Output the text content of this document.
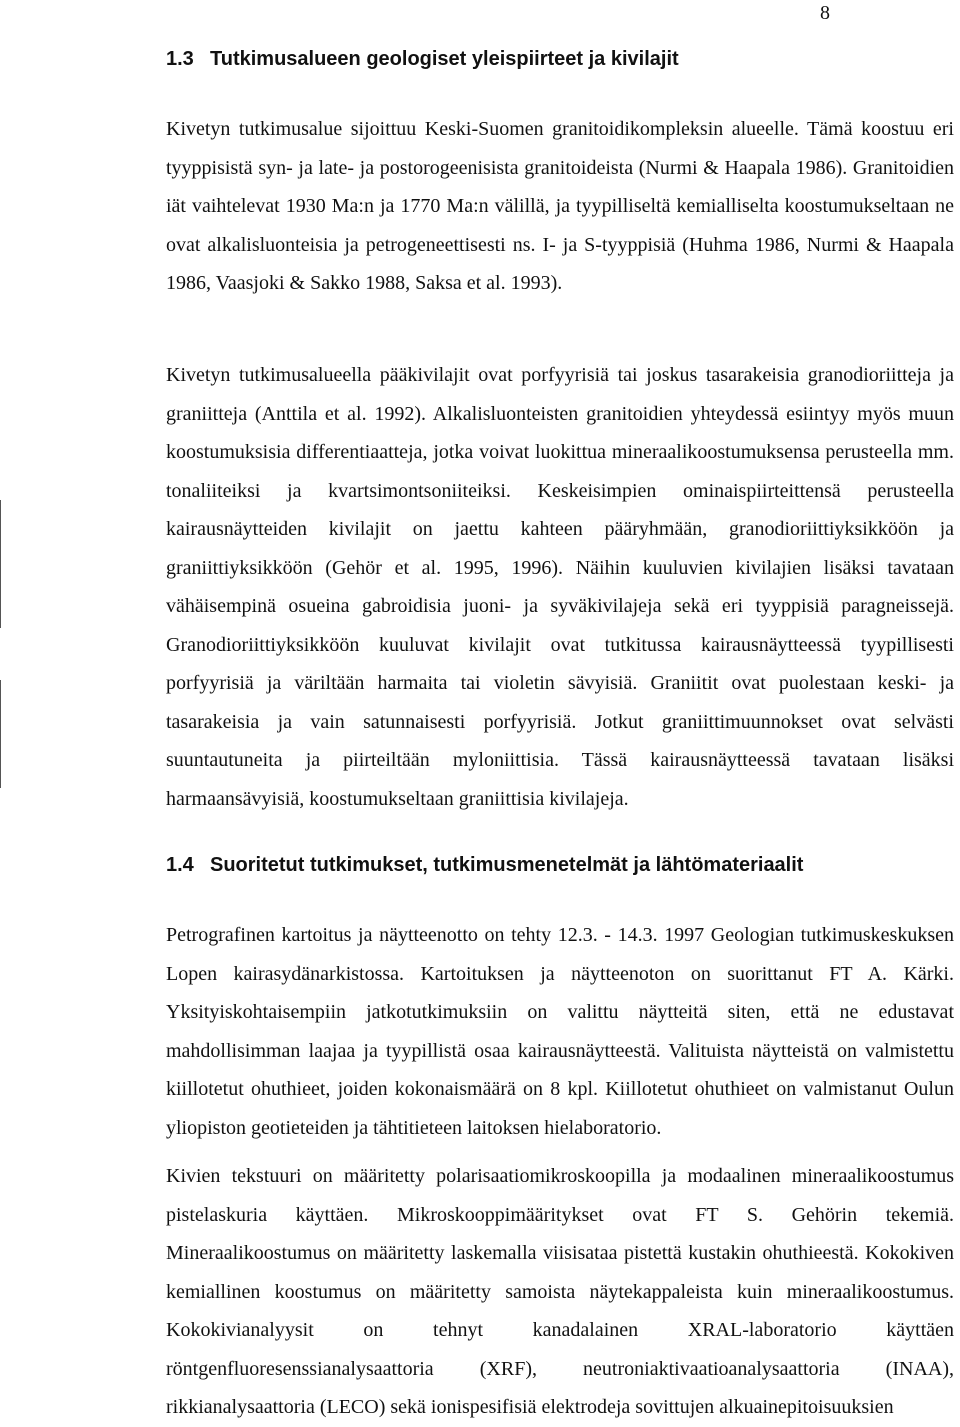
8
1.3 Tutkimusalueen geologiset yleispiirteet ja kivilajit

Kivetyn tutkimusalue sijoittuu Keski-Suomen granitoidikompleksin alueelle. Tämä koostuu eri tyyppisistä syn- ja late- ja postorogeenisista granitoideista (Nurmi & Haapala 1986). Granitoidien iät vaihtelevat 1930 Ma:n ja 1770 Ma:n välillä, ja tyypilliseltä kemialliselta koostumukseltaan ne ovat alkalisluonteisia ja petrogeneettisesti ns. I- ja S-tyyppisiä (Huhma 1986, Nurmi & Haapala 1986, Vaasjoki & Sakko 1988, Saksa et al. 1993).

Kivetyn tutkimusalueella pääkivilajit ovat porfyyrisiä tai joskus tasarakeisia granodioriitteja ja graniitteja (Anttila et al. 1992). Alkalisluonteisten granitoidien yhteydessä esiintyy myös muun koostumuksisia differentiaatteja, jotka voivat luokittua mineraalikoostumuksensa perusteella mm. tonaliiteiksi ja kvartsimontsoniiteiksi. Keskeisimpien ominaispiirteittensä perusteella kairausnäytteiden kivilajit on jaettu kahteen pääryhmään, granodioriittiyksikköön ja graniittiyksikköön (Gehör et al. 1995, 1996). Näihin kuuluvien kivilajien lisäksi tavataan vähäisempinä osueina gabroidisia juoni- ja syväkivilajeja sekä eri tyyppisiä paragneissejä. Granodioriittiyksikköön kuuluvat kivilajit ovat tutkitussa kairausnäytteessä tyypillisesti porfyyrisiä ja väriltään harmaita tai violetin sävyisiä. Graniitit ovat puolestaan keski- ja tasarakeisia ja vain satunnaisesti porfyyrisiä. Jotkut graniittimuunnokset ovat selvästi suuntautuneita ja piirteiltään myloniittisia. Tässä kairausnäytteessä tavataan lisäksi harmaansävyisiä, koostumukseltaan graniittisia kivilajeja.

1.4 Suoritetut tutkimukset, tutkimusmenetelmät ja lähtömateriaalit

Petrografinen kartoitus ja näytteenotto on tehty 12.3. - 14.3. 1997 Geologian tutkimuskeskuksen Lopen kairasydänarkistossa. Kartoituksen ja näytteenoton on suorittanut FT A. Kärki. Yksityiskohtaisempiin jatkotutkimuksiin on valittu näytteitä siten, että ne edustavat mahdollisimman laajaa ja tyypillistä osaa kairausnäytteestä. Valituista näytteistä on valmistettu kiillotetut ohuthieet, joiden kokonaismäärä on 8 kpl. Kiillotetut ohuthieet on valmistanut Oulun yliopiston geotieteiden ja tähtitieteen laitoksen hielaboratorio.

Kivien tekstuuri on määritetty polarisaatiomikroskoopilla ja modaalinen mineraalikoostumus pistelaskuria käyttäen. Mikroskooppimääritykset ovat FT S. Gehörin tekemiä. Mineraalikoostumus on määritetty laskemalla viisisataa pistettä kustakin ohuthieestä. Kokokiven kemiallinen koostumus on määritetty samoista näytekappaleista kuin mineraalikoostumus. Kokokivianalyysit on tehnyt kanadalainen XRAL-laboratorio käyttäen röntgenfluoresenssianalysaattoria (XRF), neutroniaktivaatioanalysaattoria (INAA), rikkianalysaattoria (LECO) sekä ionispesifisiä elektrodeja sovittujen alkuainepitoisuuksien
